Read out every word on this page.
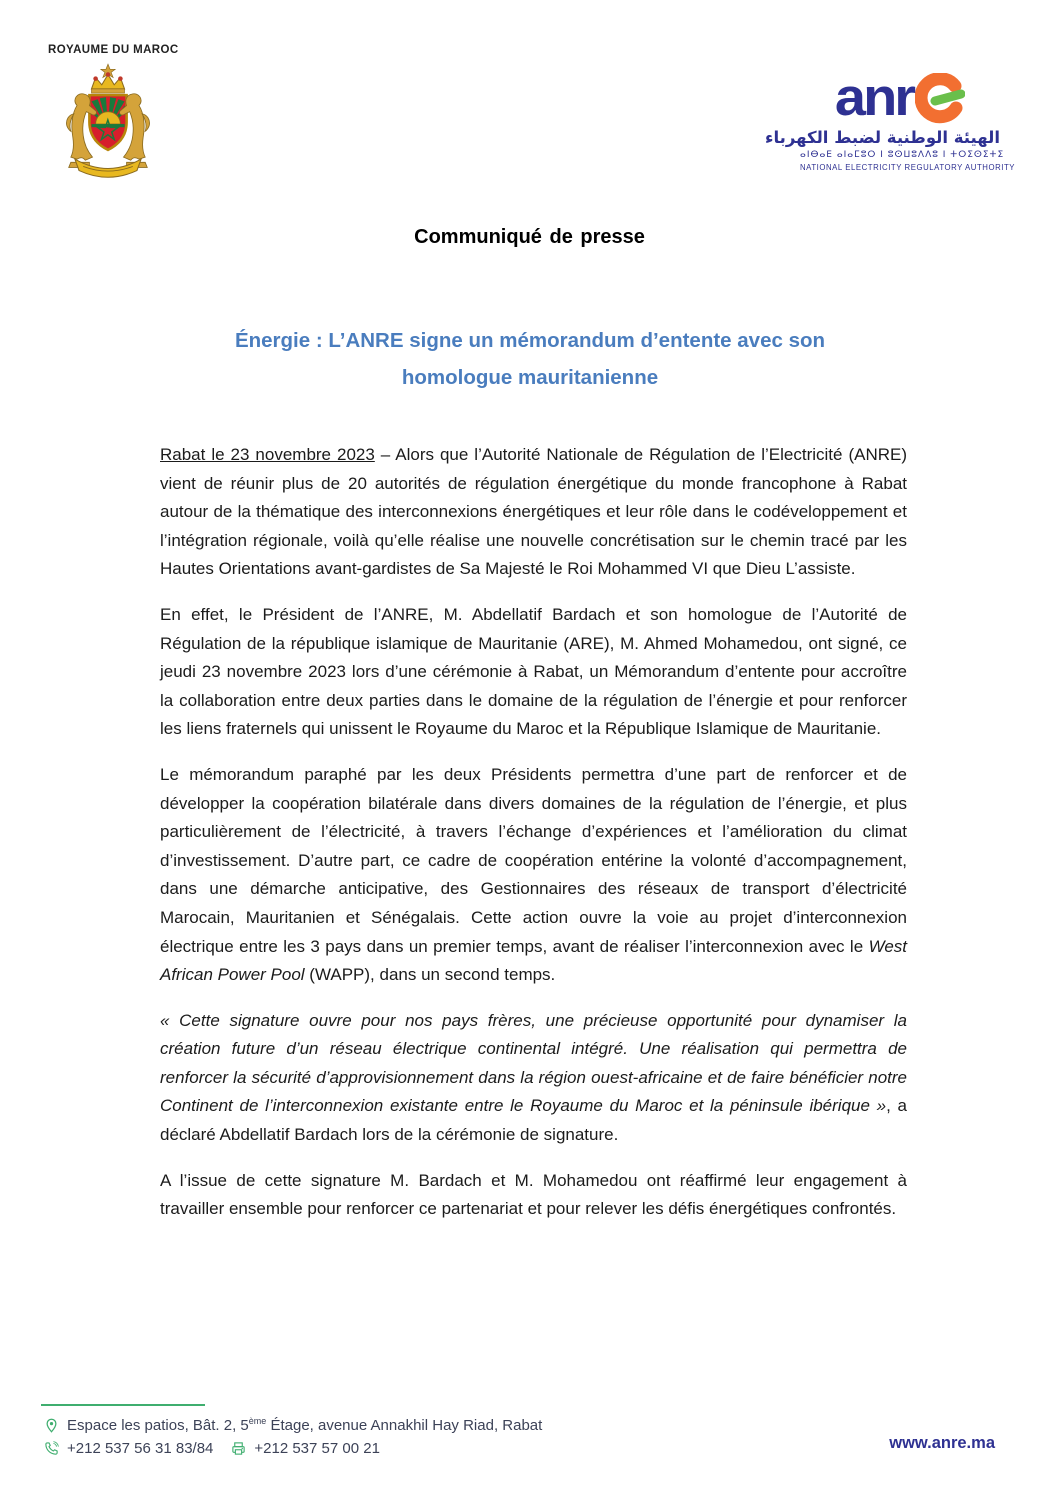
ROYAUME DU MAROC
anr
الهيئة الوطنية لضبط الكهرباء
ⴰⵏⴱⴰⴹ ⴰⵏⴰⵎⵓⵔ ⵏ ⵓⵙⵡⵓⴷⴷⵓ ⵏ ⵜⵔⵉⵙⵉⵜⵉ
NATIONAL ELECTRICITY REGULATORY AUTHORITY
Communiqué de presse
Énergie : L’ANRE signe un mémorandum d’entente avec son
homologue mauritanienne

Rabat le 23 novembre 2023 – Alors que l’Autorité Nationale de Régulation de l’Electricité (ANRE) vient de réunir plus de 20 autorités de régulation énergétique du monde francophone à Rabat autour de la thématique des interconnexions énergétiques et leur rôle dans le codéveloppement et l’intégration régionale, voilà qu’elle réalise une nouvelle concrétisation sur le chemin tracé par les Hautes Orientations avant-gardistes de Sa Majesté le Roi Mohammed VI que Dieu L’assiste.

En effet, le Président de l’ANRE, M. Abdellatif Bardach et son homologue de l’Autorité de Régulation de la république islamique de Mauritanie (ARE), M. Ahmed Mohamedou, ont signé, ce jeudi 23 novembre 2023 lors d’une cérémonie à Rabat, un Mémorandum d’entente pour accroître la collaboration entre deux parties dans le domaine de la régulation de l’énergie et pour renforcer les liens fraternels qui unissent le Royaume du Maroc et la République Islamique de Mauritanie.

Le mémorandum paraphé par les deux Présidents permettra d’une part de renforcer et de développer la coopération bilatérale dans divers domaines de la régulation de l’énergie, et plus particulièrement de l’électricité, à travers l’échange d’expériences et l’amélioration du climat d’investissement. D’autre part, ce cadre de coopération entérine la volonté d’accompagnement, dans une démarche anticipative, des Gestionnaires des réseaux de transport d’électricité Marocain, Mauritanien et Sénégalais. Cette action ouvre la voie au projet d’interconnexion électrique entre les 3 pays dans un premier temps, avant de réaliser l’interconnexion avec le West African Power Pool (WAPP), dans un second temps.

« Cette signature ouvre pour nos pays frères, une précieuse opportunité pour dynamiser la création future d’un réseau électrique continental intégré. Une réalisation qui permettra de renforcer la sécurité d’approvisionnement dans la région ouest-africaine et de faire bénéficier notre Continent de l’interconnexion existante entre le Royaume du Maroc et la péninsule ibérique », a déclaré Abdellatif Bardach lors de la cérémonie de signature.

A l’issue de cette signature M. Bardach et M. Mohamedou ont réaffirmé leur engagement à travailler ensemble pour renforcer ce partenariat et pour relever les défis énergétiques confrontés.

Espace les patios, Bât. 2, 5ème Étage, avenue Annakhil Hay Riad, Rabat
+212 537 56 31 83/84	+212 537 57 00 21	www.anre.ma
